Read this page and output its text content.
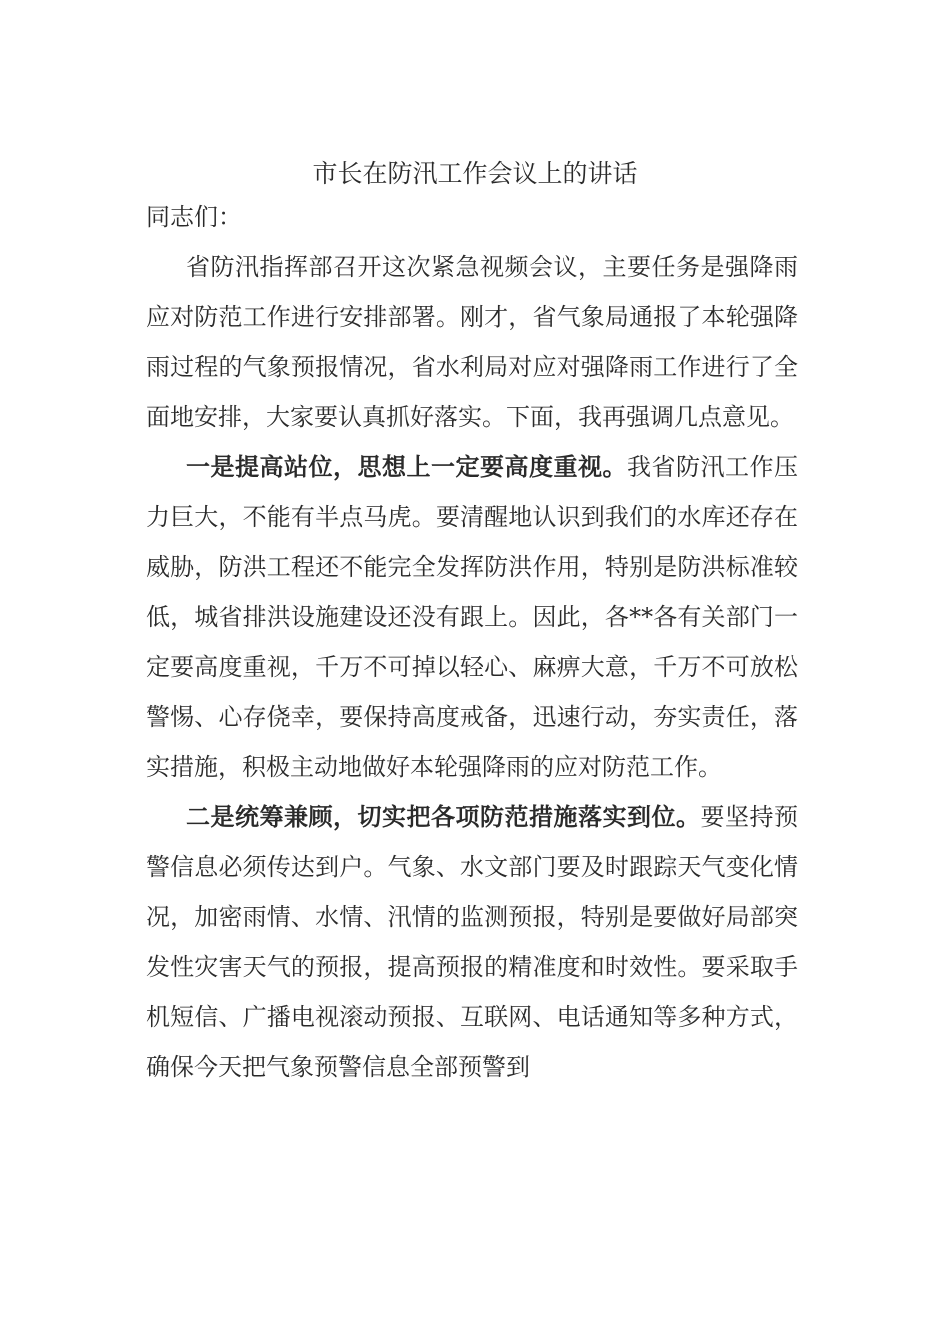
市长在防汛工作会议上的讲话

同志们：

省防汛指挥部召开这次紧急视频会议，主要任务是强降雨应对防范工作进行安排部署。刚才，省气象局通报了本轮强降雨过程的气象预报情况，省水利局对应对强降雨工作进行了全面地安排，大家要认真抓好落实。下面，我再强调几点意见。

一是提高站位，思想上一定要高度重视。我省防汛工作压力巨大，不能有半点马虎。要清醒地认识到我们的水库还存在威胁，防洪工程还不能完全发挥防洪作用，特别是防洪标准较低，城省排洪设施建设还没有跟上。因此，各**各有关部门一定要高度重视，千万不可掉以轻心、麻痹大意，千万不可放松警惕、心存侥幸，要保持高度戒备，迅速行动，夯实责任，落实措施，积极主动地做好本轮强降雨的应对防范工作。

二是统筹兼顾，切实把各项防范措施落实到位。要坚持预警信息必须传达到户。气象、水文部门要及时跟踪天气变化情况，加密雨情、水情、汛情的监测预报，特别是要做好局部突发性灾害天气的预报，提高预报的精准度和时效性。要采取手机短信、广播电视滚动预报、互联网、电话通知等多种方式，确保今天把气象预警信息全部预警到
